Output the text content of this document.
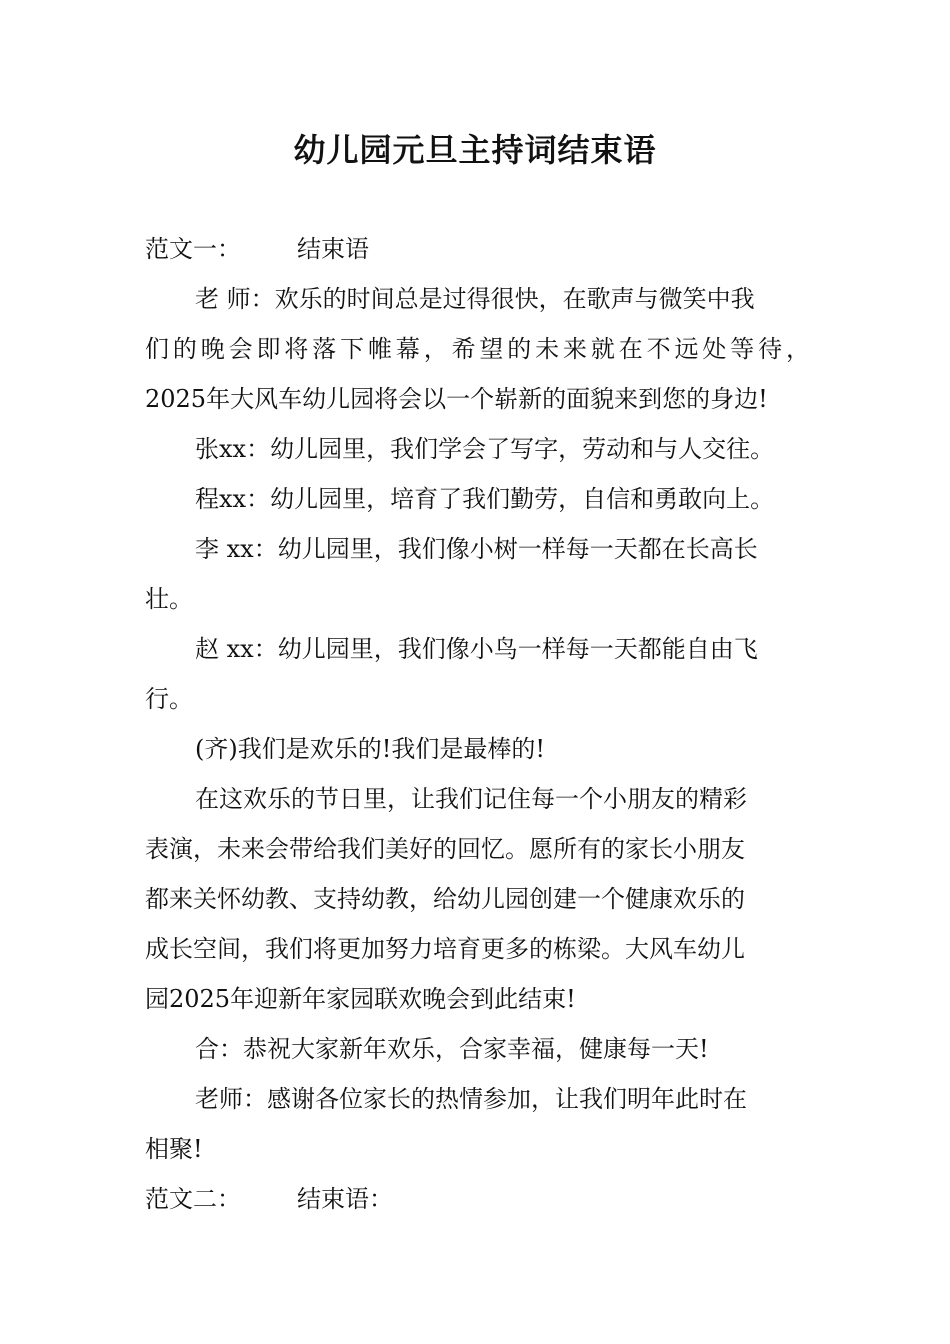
幼儿园元旦主持词结束语
范文一： 结束语
老 师：欢乐的时间总是过得很快，在歌声与微笑中我
们的晚会即将落下帷幕，希望的未来就在不远处等待，
2025年大风车幼儿园将会以一个崭新的面貌来到您的身边!
张xx：幼儿园里，我们学会了写字，劳动和与人交往。
程xx：幼儿园里，培育了我们勤劳，自信和勇敢向上。
李 xx：幼儿园里，我们像小树一样每一天都在长高长
壮。
赵 xx：幼儿园里，我们像小鸟一样每一天都能自由飞
行。
(齐)我们是欢乐的!我们是最棒的!
在这欢乐的节日里，让我们记住每一个小朋友的精彩
表演，未来会带给我们美好的回忆。愿所有的家长小朋友
都来关怀幼教、支持幼教，给幼儿园创建一个健康欢乐的
成长空间，我们将更加努力培育更多的栋梁。大风车幼儿
园2025年迎新年家园联欢晚会到此结束!
合：恭祝大家新年欢乐，合家幸福，健康每一天!
老师：感谢各位家长的热情参加，让我们明年此时在
相聚!
范文二： 结束语：
